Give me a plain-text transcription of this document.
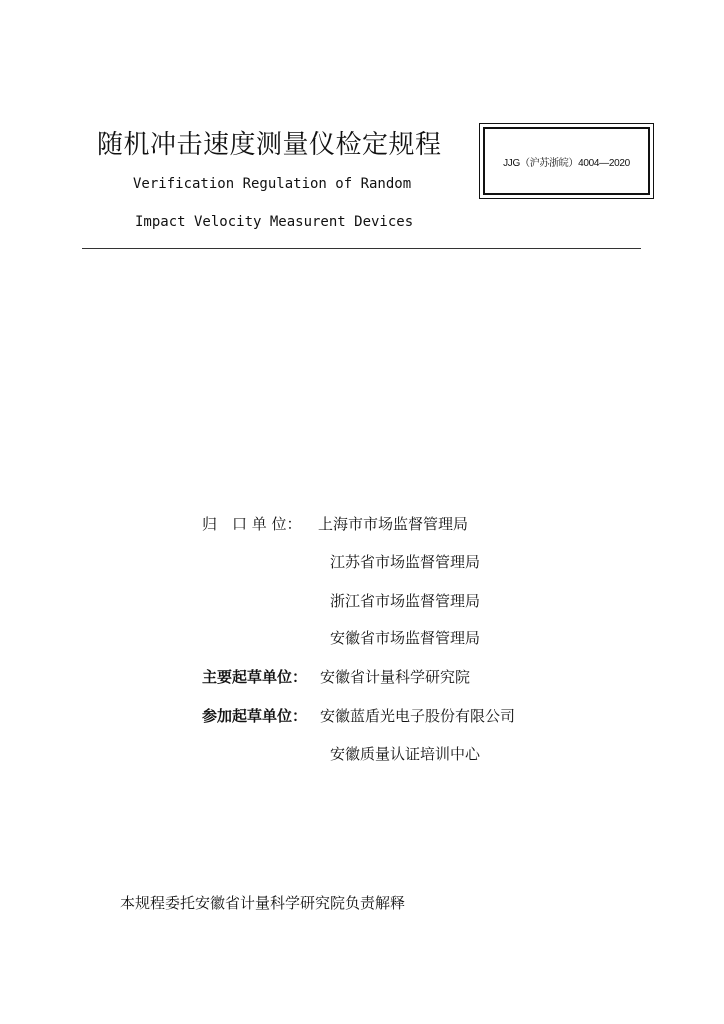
随机冲击速度测量仪检定规程
Verification Regulation of Random
Impact Velocity Measurent Devices
JJG（沪苏浙皖）4004—2020
归　口 单 位： 上海市市场监督管理局
江苏省市场监督管理局
浙江省市场监督管理局
安徽省市场监督管理局
主要起草单位： 安徽省计量科学研究院
参加起草单位： 安徽蓝盾光电子股份有限公司
安徽质量认证培训中心
本规程委托安徽省计量科学研究院负责解释
